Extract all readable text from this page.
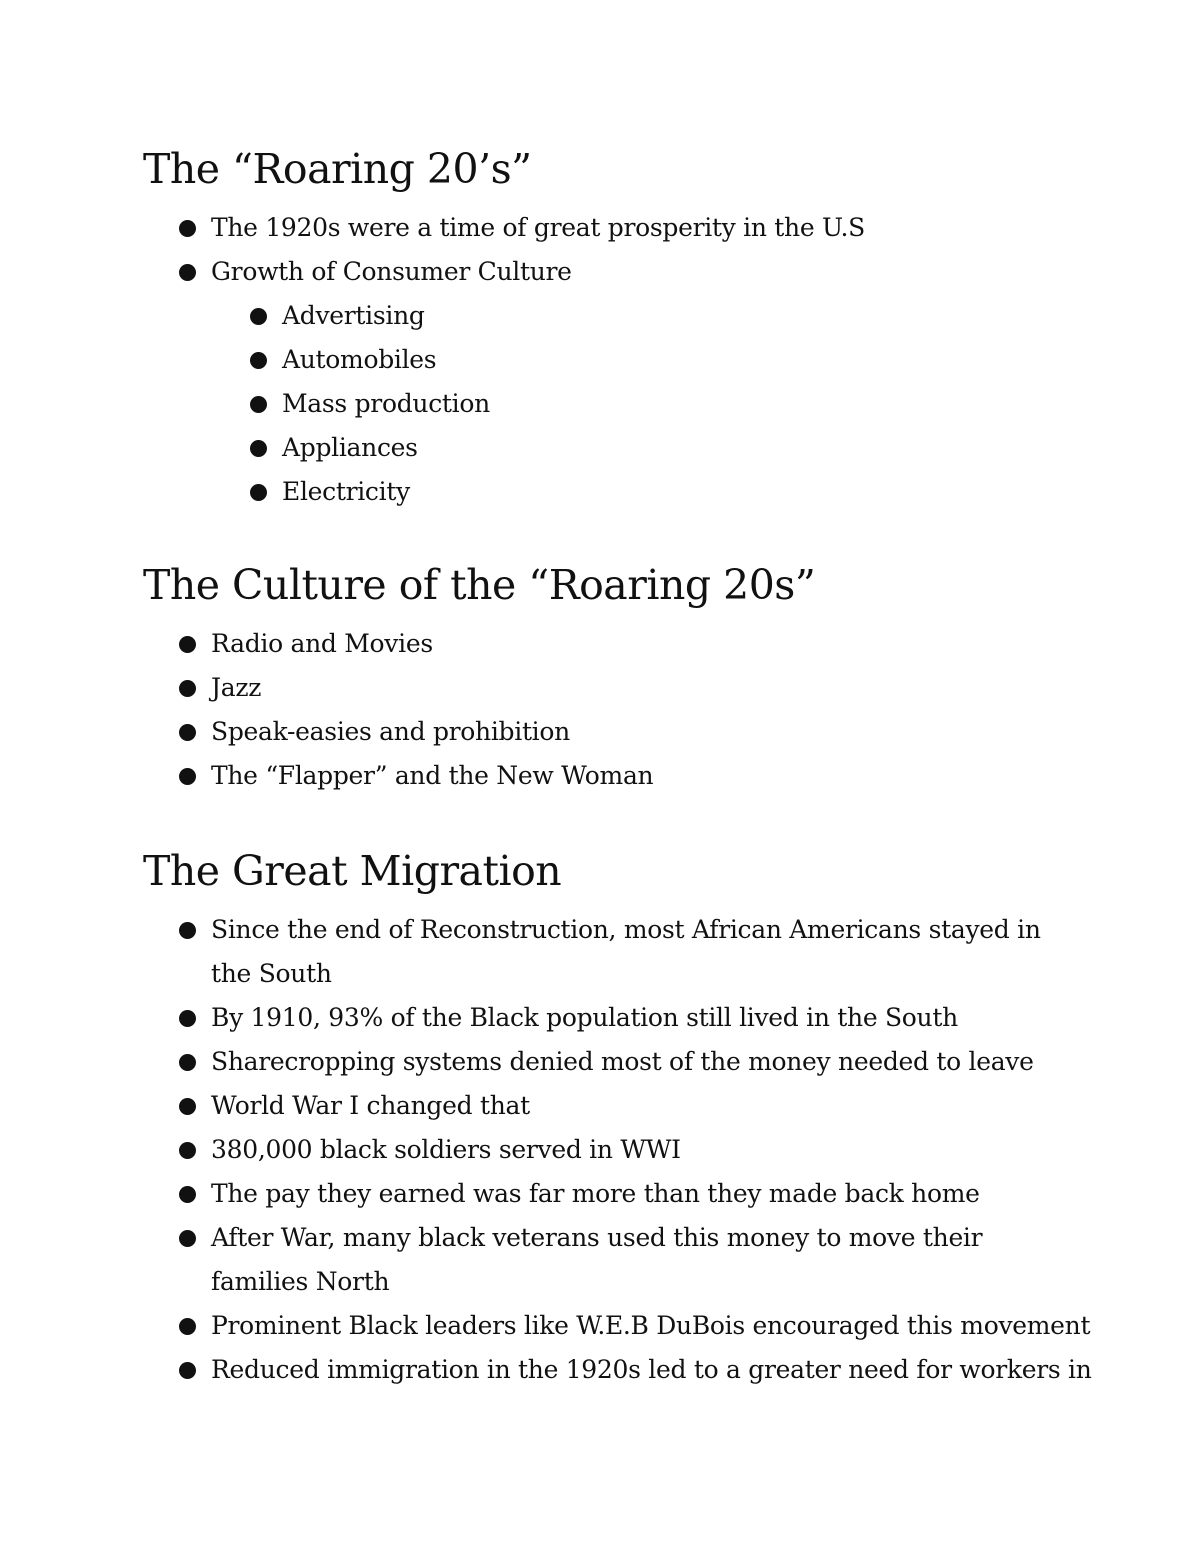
The “Roaring 20’s”
The 1920s were a time of great prosperity in the U.S
Growth of Consumer Culture
Advertising
Automobiles
Mass production
Appliances
Electricity
The Culture of the “Roaring 20s”
Radio and Movies
Jazz
Speak-easies and prohibition
The “Flapper” and the New Woman
The Great Migration
Since the end of Reconstruction, most African Americans stayed in the South
By 1910, 93% of the Black population still lived in the South
Sharecropping systems denied most of the money needed to leave
World War I changed that
380,000 black soldiers served in WWI
The pay they earned was far more than they made back home
After War, many black veterans used this money to move their families North
Prominent Black leaders like W.E.B DuBois encouraged this movement
Reduced immigration in the 1920s led to a greater need for workers in
